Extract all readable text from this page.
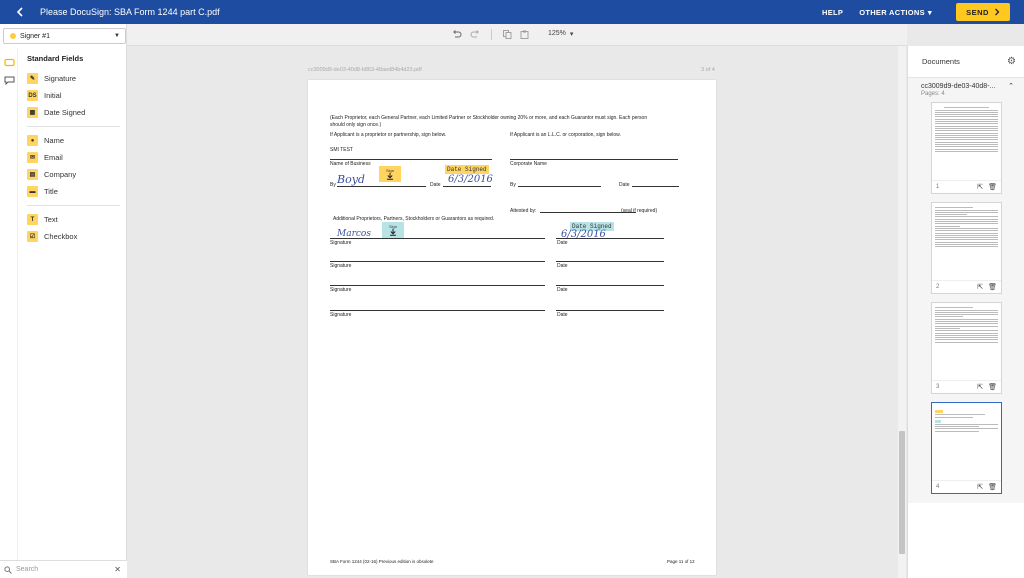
Please DocuSign: SBA Form 1244 part C.pdf	HELP OTHER ACTIONS ▾	SEND
Signer #1	▼
Standard Fields
✎	Signature
DS Initial
▦	Date Signed
●	Name
✉	Email
▤	Company
▬	Title
T	Text
☑	Checkbox
Search	✕
125% ▾
cc3009d9-de03-40d8-b863-48aed84b4d23.pdf	3 of 4
(Each Proprietor, each General Partner, each Limited Partner or Stockholder owning 20% or more, and each Guarantor must sign. Each person
should only sign once.)
If Applicant is a proprietor or partnership, sign below.	If Applicant is an L.L.C. or corporation, sign below.
SMI TEST
Name of Business	Corporate Name
Date Signed
Sign
Boyd	6/3/2016
By	Date	By	Date
Attested by:	(seal if required)
Additional Proprietors, Partners, Stockholders or Guarantors as required.
Date Signed
Sign
Marcos	6/3/2016
Signature	Date
Signature	Date
Signature	Date
Signature	Date
SBA Form 1244 (02-16) Previous edition is obsolete	Page 11 of 12
Documents	⚙
cc3009d9-de03-40d8-... ⌃
Pages: 4
1	⇱ 🗑
2	⇱ 🗑
3	⇱ 🗑
4	⇱ 🗑
